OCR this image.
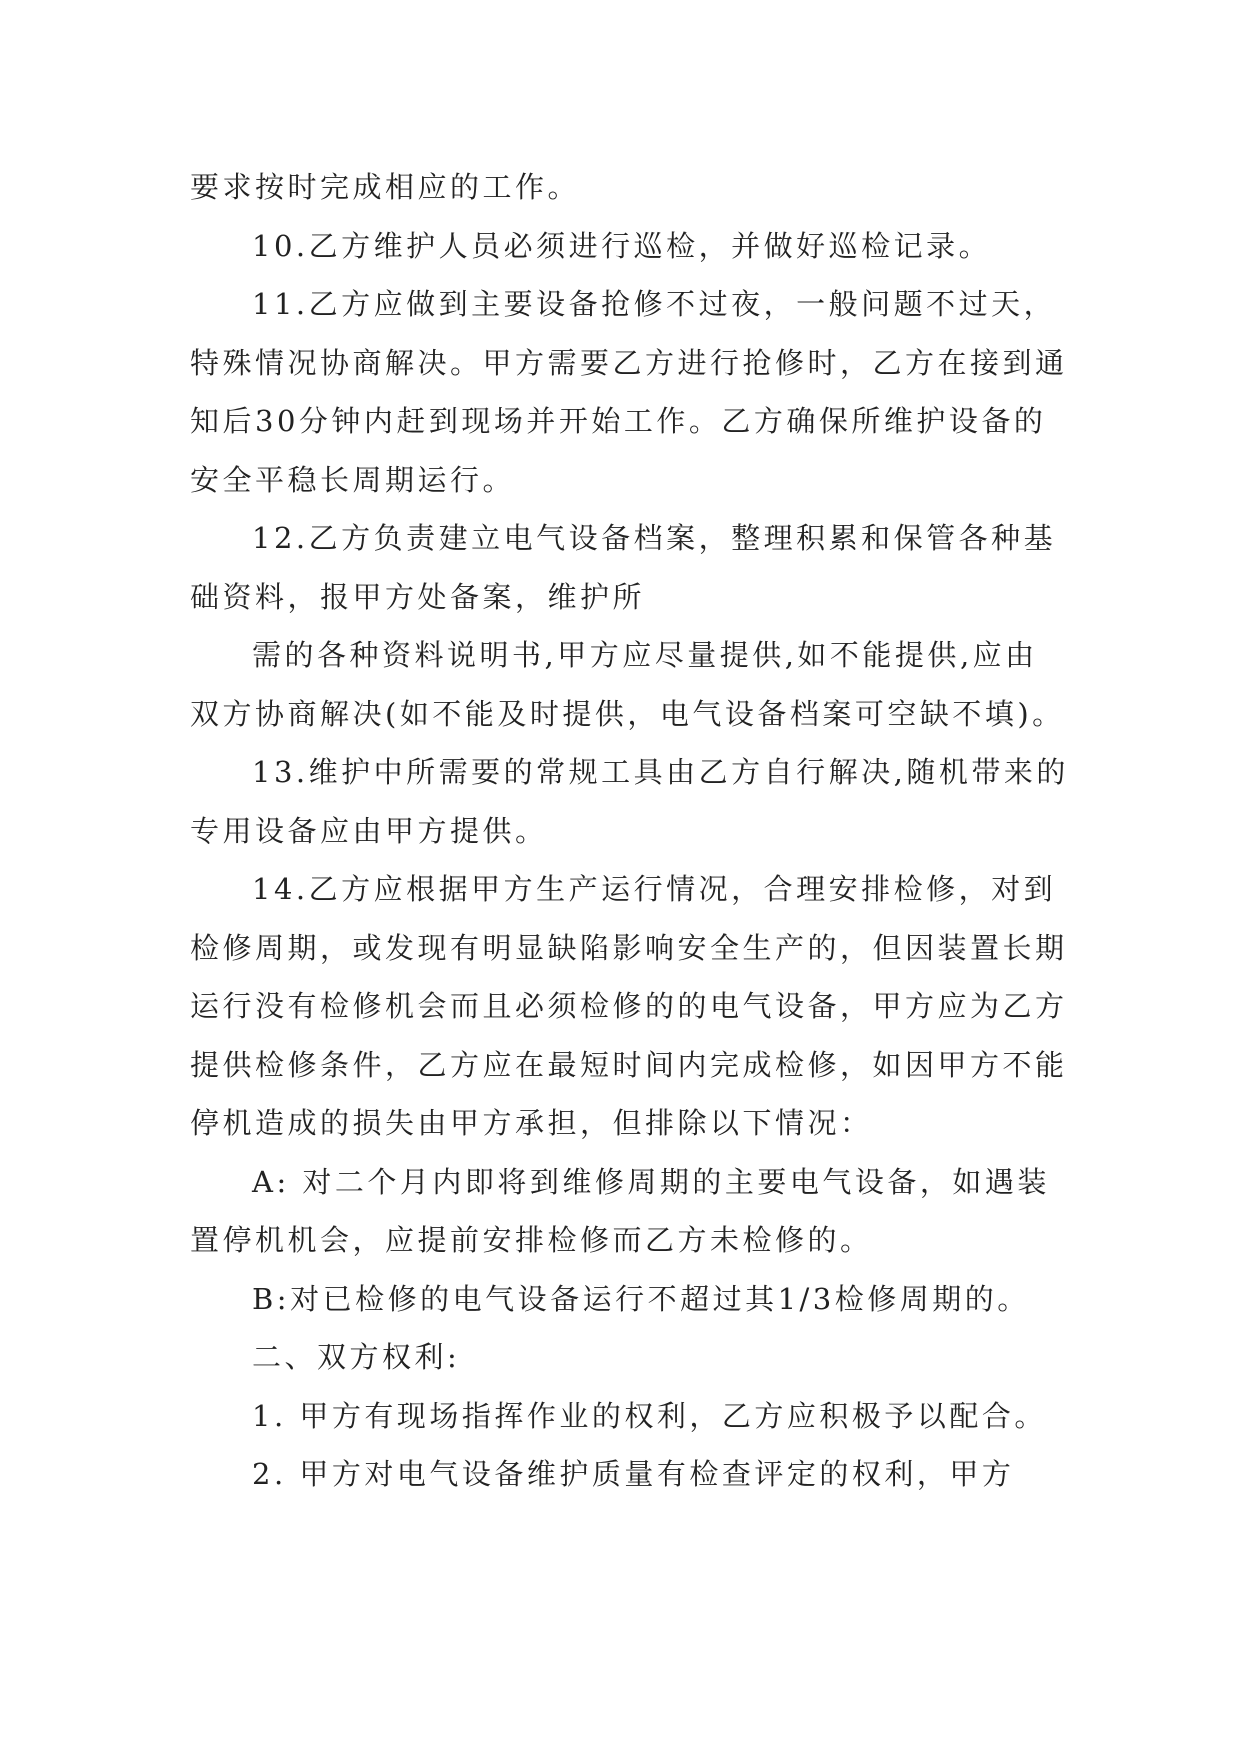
要求按时完成相应的工作。

10.乙方维护人员必须进行巡检，并做好巡检记录。

11.乙方应做到主要设备抢修不过夜，一般问题不过天，特殊情况协商解决。甲方需要乙方进行抢修时，乙方在接到通知后30分钟内赶到现场并开始工作。乙方确保所维护设备的安全平稳长周期运行。

12.乙方负责建立电气设备档案，整理积累和保管各种基础资料，报甲方处备案，维护所

需的各种资料说明书,甲方应尽量提供,如不能提供,应由双方协商解决(如不能及时提供，电气设备档案可空缺不填)。

13.维护中所需要的常规工具由乙方自行解决,随机带来的专用设备应由甲方提供。

14.乙方应根据甲方生产运行情况，合理安排检修，对到检修周期，或发现有明显缺陷影响安全生产的，但因装置长期运行没有检修机会而且必须检修的的电气设备，甲方应为乙方提供检修条件，乙方应在最短时间内完成检修，如因甲方不能停机造成的损失由甲方承担，但排除以下情况：

A: 对二个月内即将到维修周期的主要电气设备，如遇装置停机机会，应提前安排检修而乙方未检修的。

B:对已检修的电气设备运行不超过其1/3检修周期的。

二、双方权利:

1. 甲方有现场指挥作业的权利，乙方应积极予以配合。

2. 甲方对电气设备维护质量有检查评定的权利，甲方
